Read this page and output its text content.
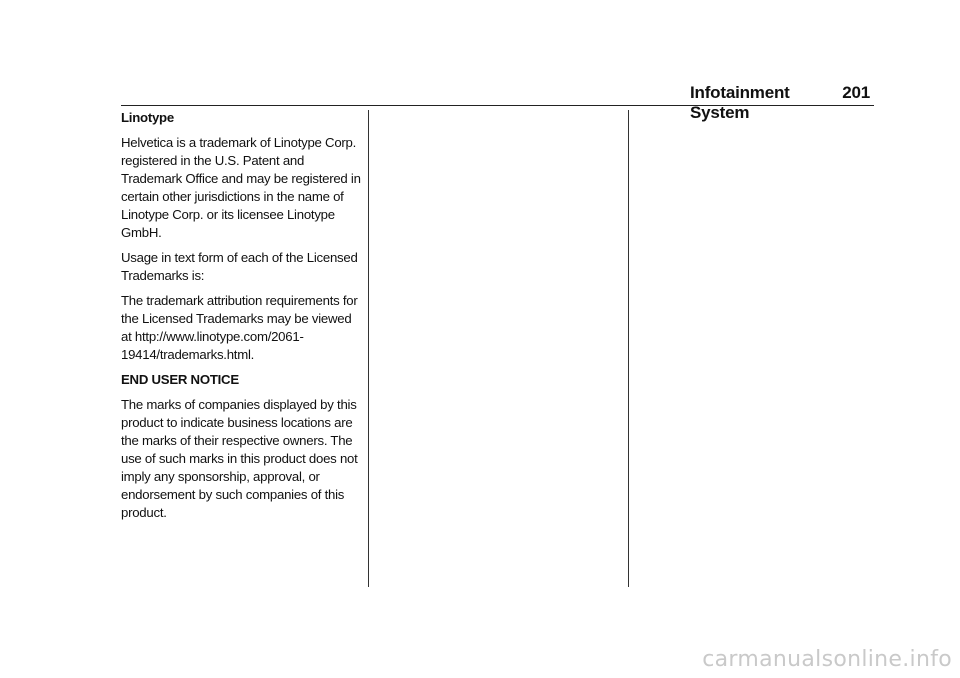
Infotainment System
201

Linotype

Helvetica is a trademark of Linotype Corp. registered in the U.S. Patent and Trademark Office and may be registered in certain other jurisdictions in the name of Linotype Corp. or its licensee Linotype GmbH.

Usage in text form of each of the Licensed Trademarks is:

The trademark attribution requirements for the Licensed Trademarks may be viewed at http://www.linotype.com/2061-19414/trademarks.html.

END USER NOTICE

The marks of companies displayed by this product to indicate business locations are the marks of their respective owners. The use of such marks in this product does not imply any sponsorship, approval, or endorsement by such companies of this product.

carmanualsonline.info
